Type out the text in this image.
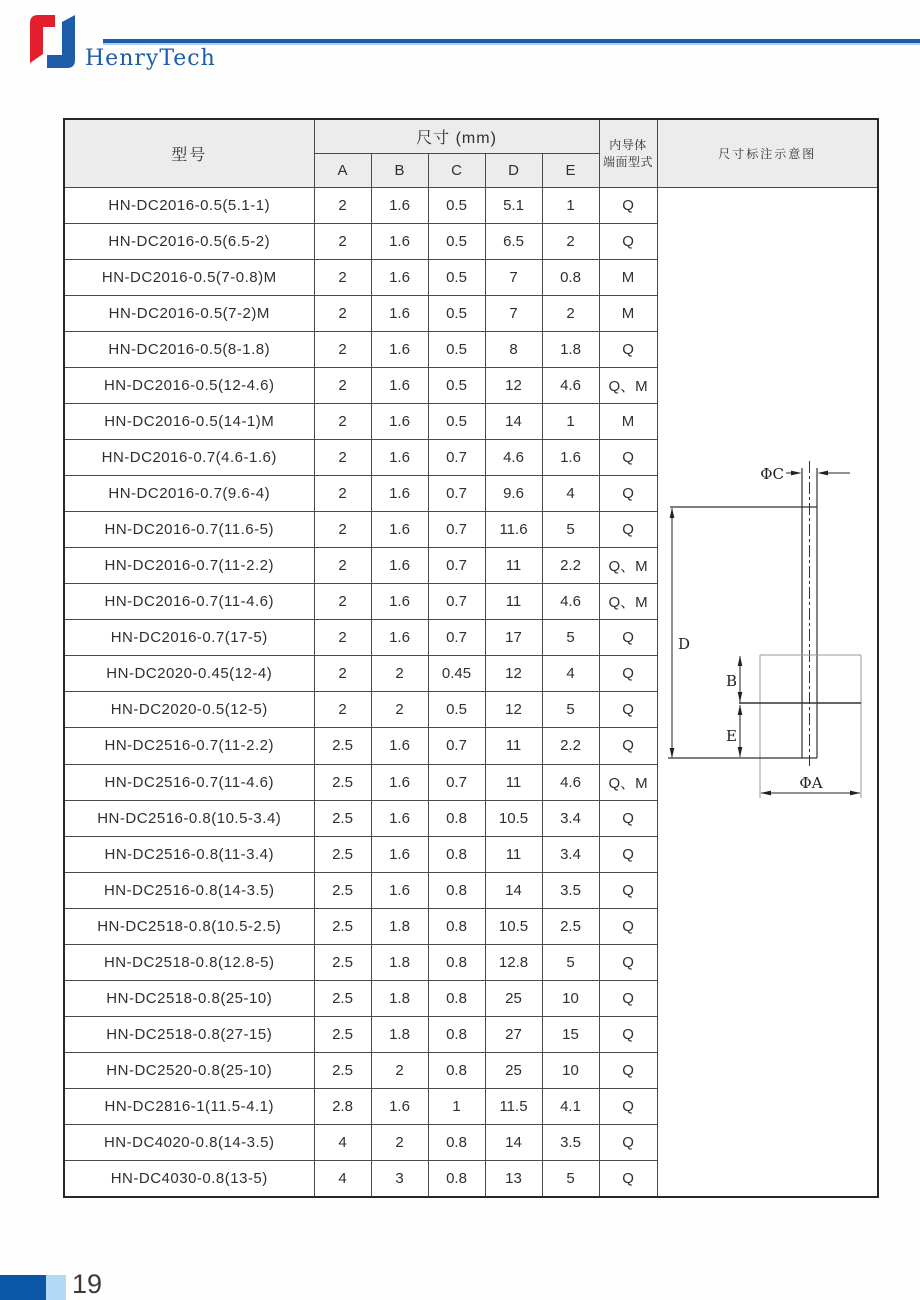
HenryTech
型号	尺寸 (mm)					内导体
端面型式	尺寸标注示意图
	A	B	C	D	E		
HN-DC2016-0.5(5.1-1)	2	1.6	0.5	5.1	1	Q	ΦC
D
B
E
ΦA

HN-DC2016-0.5(6.5-2)	2	1.6	0.5	6.5	2	Q	
HN-DC2016-0.5(7-0.8)M	2	1.6	0.5	7	0.8	M	
HN-DC2016-0.5(7-2)M	2	1.6	0.5	7	2	M	
HN-DC2016-0.5(8-1.8)	2	1.6	0.5	8	1.8	Q	
HN-DC2016-0.5(12-4.6)	2	1.6	0.5	12	4.6	Q、M	
HN-DC2016-0.5(14-1)M	2	1.6	0.5	14	1	M	
HN-DC2016-0.7(4.6-1.6)	2	1.6	0.7	4.6	1.6	Q	
HN-DC2016-0.7(9.6-4)	2	1.6	0.7	9.6	4	Q	
HN-DC2016-0.7(11.6-5)	2	1.6	0.7	11.6	5	Q	
HN-DC2016-0.7(11-2.2)	2	1.6	0.7	11	2.2	Q、M	
HN-DC2016-0.7(11-4.6)	2	1.6	0.7	11	4.6	Q、M	
HN-DC2016-0.7(17-5)	2	1.6	0.7	17	5	Q	
HN-DC2020-0.45(12-4)	2	2	0.45	12	4	Q	
HN-DC2020-0.5(12-5)	2	2	0.5	12	5	Q	
HN-DC2516-0.7(11-2.2)	2.5	1.6	0.7	11	2.2	Q	
HN-DC2516-0.7(11-4.6)	2.5	1.6	0.7	11	4.6	Q、M	
HN-DC2516-0.8(10.5-3.4)	2.5	1.6	0.8	10.5	3.4	Q	
HN-DC2516-0.8(11-3.4)	2.5	1.6	0.8	11	3.4	Q	
HN-DC2516-0.8(14-3.5)	2.5	1.6	0.8	14	3.5	Q	
HN-DC2518-0.8(10.5-2.5)	2.5	1.8	0.8	10.5	2.5	Q	
HN-DC2518-0.8(12.8-5)	2.5	1.8	0.8	12.8	5	Q	
HN-DC2518-0.8(25-10)	2.5	1.8	0.8	25	10	Q	
HN-DC2518-0.8(27-15)	2.5	1.8	0.8	27	15	Q	
HN-DC2520-0.8(25-10)	2.5	2	0.8	25	10	Q	
HN-DC2816-1(11.5-4.1)	2.8	1.6	1	11.5	4.1	Q	
HN-DC4020-0.8(14-3.5)	4	2	0.8	14	3.5	Q	
HN-DC4030-0.8(13-5)	4	3	0.8	13	5	Q	
19
